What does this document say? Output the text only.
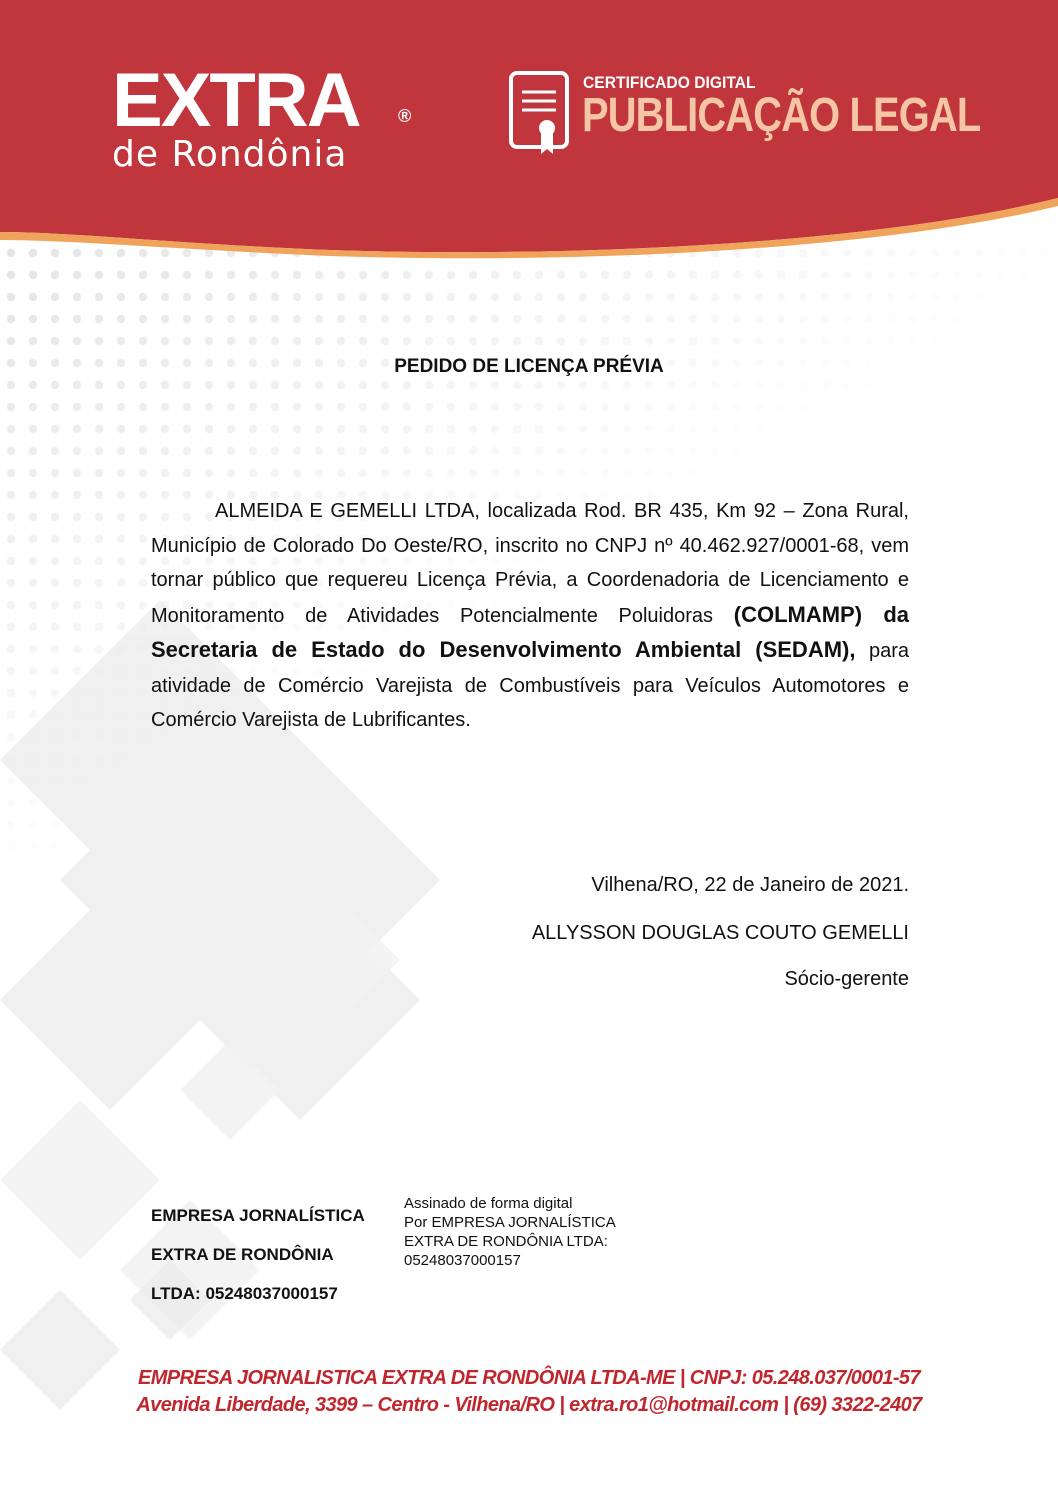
EXTRA ®
de Rondônia
CERTIFICADO DIGITAL
PUBLICAÇÃO LEGAL
PEDIDO DE LICENÇA PRÉVIA
ALMEIDA E GEMELLI LTDA, localizada Rod. BR 435, Km 92 – Zona Rural, Município de Colorado Do Oeste/RO, inscrito no CNPJ nº 40.462.927/0001-68, vem tornar público que requereu Licença Prévia, a Coordenadoria de Licenciamento e Monitoramento de Atividades Potencialmente Poluidoras (COLMAMP) da Secretaria de Estado do Desenvolvimento Ambiental (SEDAM), para atividade de Comércio Varejista de Combustíveis para Veículos Automotores e Comércio Varejista de Lubrificantes.
Vilhena/RO, 22 de Janeiro de 2021.
ALLYSSON DOUGLAS COUTO GEMELLI
Sócio-gerente
EMPRESA JORNALÍSTICA
EXTRA DE RONDÔNIA
LTDA: 05248037000157
Assinado de forma digital
Por EMPRESA JORNALÍSTICA
EXTRA DE RONDÔNIA LTDA:
05248037000157
EMPRESA JORNALISTICA EXTRA DE RONDÔNIA LTDA-ME | CNPJ: 05.248.037/0001-57
Avenida Liberdade, 3399 – Centro - Vilhena/RO | extra.ro1@hotmail.com | (69) 3322-2407
